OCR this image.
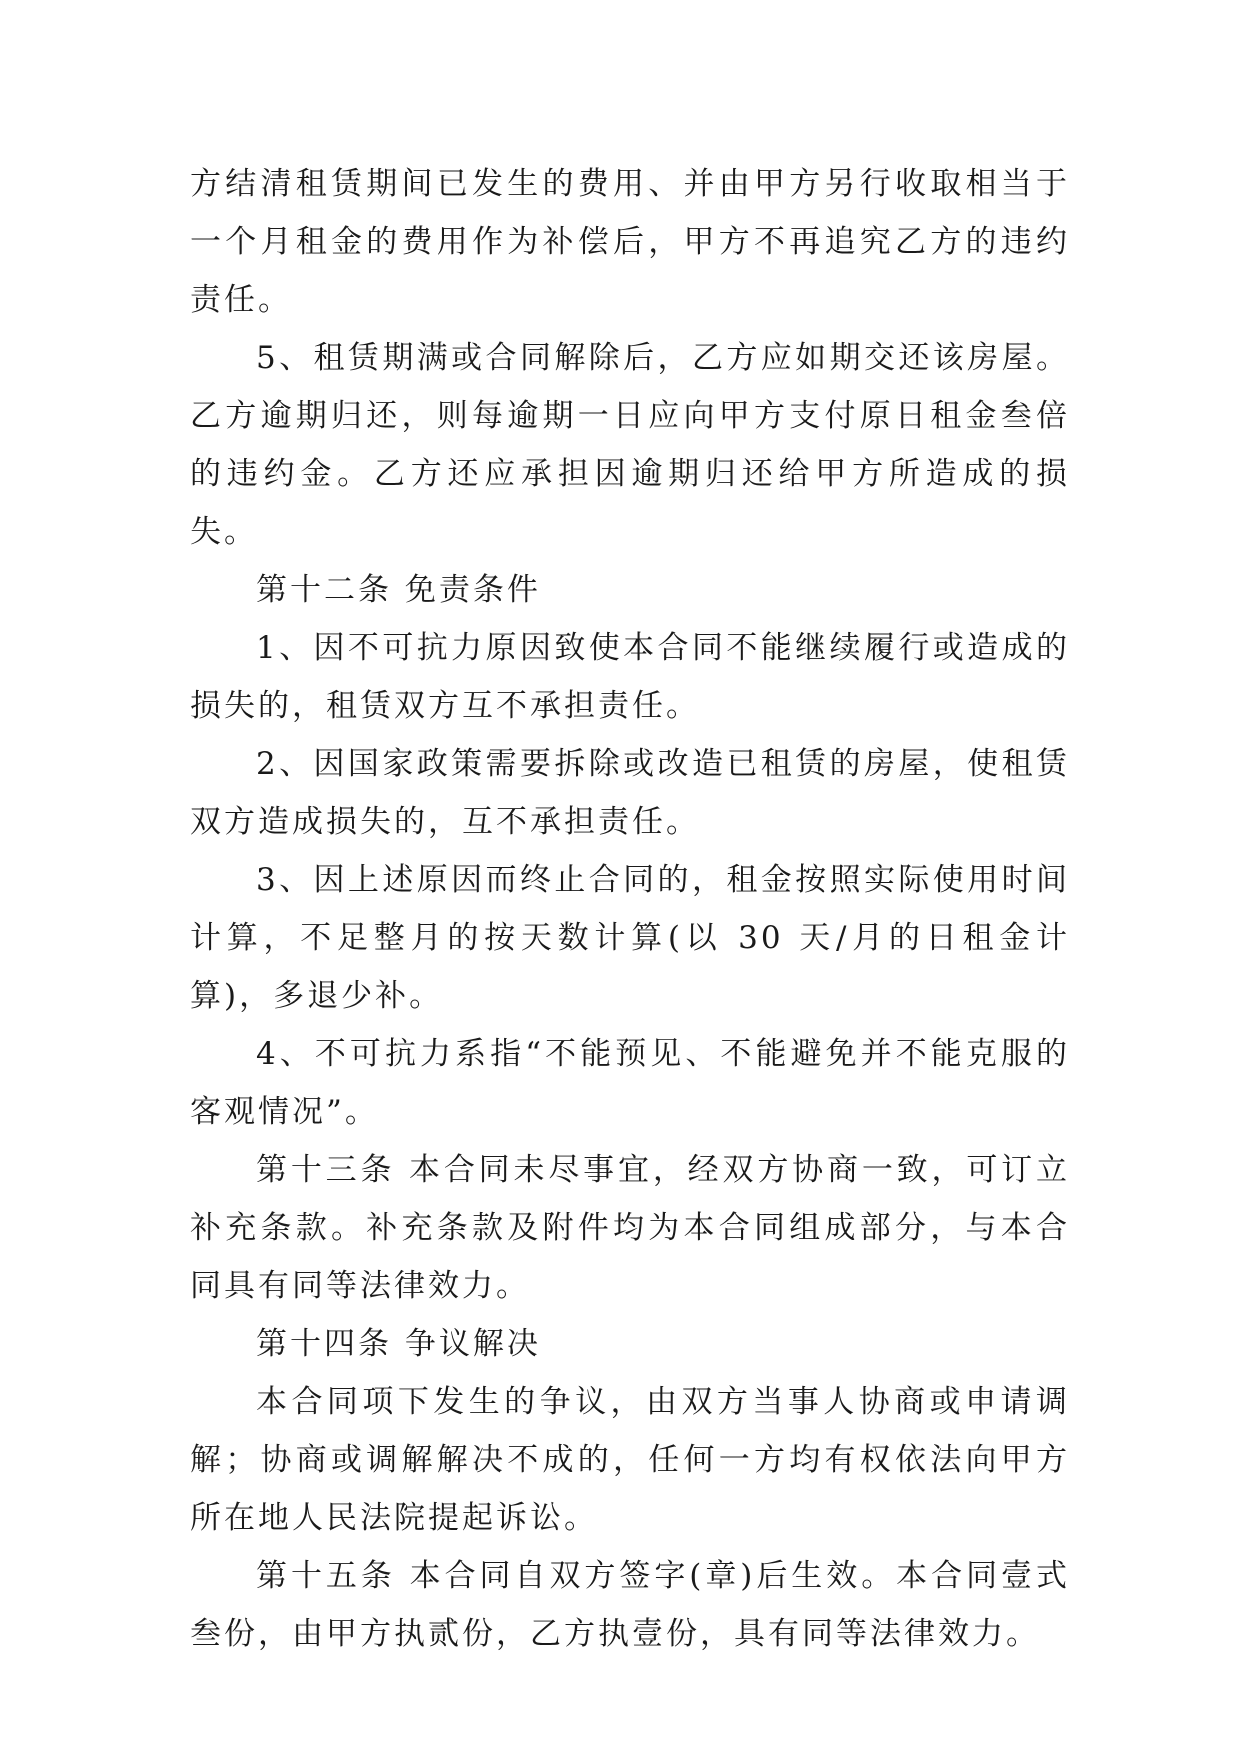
方结清租赁期间已发生的费用、并由甲方另行收取相当于一个月租金的费用作为补偿后，甲方不再追究乙方的违约责任。

5、租赁期满或合同解除后，乙方应如期交还该房屋。乙方逾期归还，则每逾期一日应向甲方支付原日租金叁倍的违约金。乙方还应承担因逾期归还给甲方所造成的损失。

第十二条 免责条件

1、因不可抗力原因致使本合同不能继续履行或造成的损失的，租赁双方互不承担责任。

2、因国家政策需要拆除或改造已租赁的房屋，使租赁双方造成损失的，互不承担责任。

3、因上述原因而终止合同的，租金按照实际使用时间计算，不足整月的按天数计算(以 30 天/月的日租金计算)，多退少补。

4、不可抗力系指“不能预见、不能避免并不能克服的客观情况”。

第十三条 本合同未尽事宜，经双方协商一致，可订立补充条款。补充条款及附件均为本合同组成部分，与本合同具有同等法律效力。

第十四条 争议解决

本合同项下发生的争议，由双方当事人协商或申请调解；协商或调解解决不成的，任何一方均有权依法向甲方所在地人民法院提起诉讼。

第十五条 本合同自双方签字(章)后生效。本合同壹式叁份，由甲方执贰份，乙方执壹份，具有同等法律效力。
